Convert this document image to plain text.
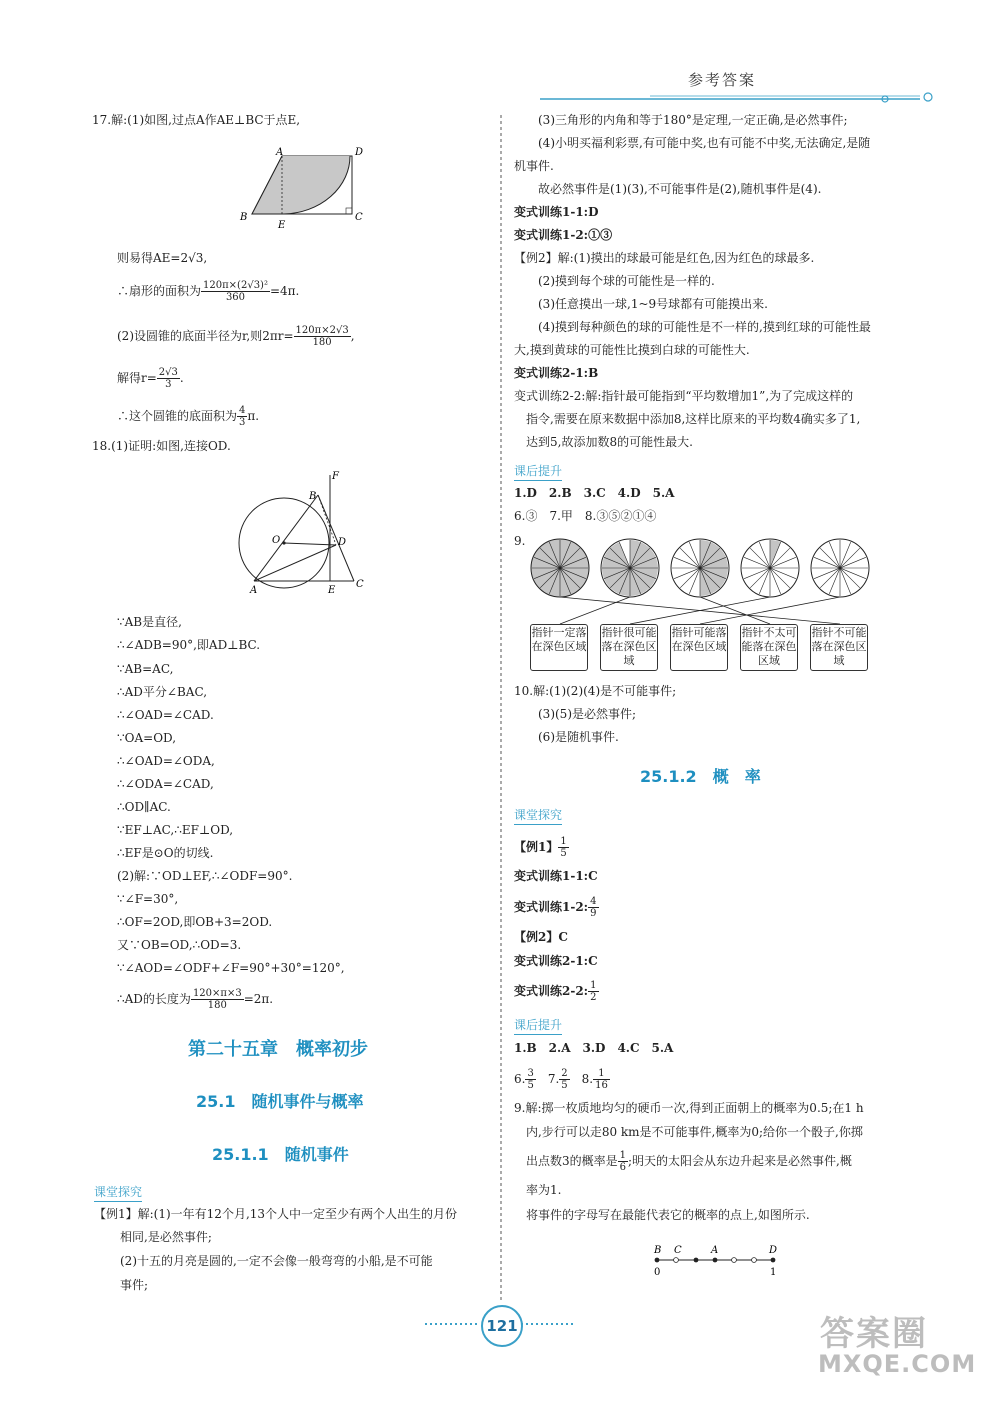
参考答案
17.解:(1)如图,过点A作AE⊥BC于点E,
A	D
B
E
C
则易得AE=2√3,
∴扇形的面积为 $\frac{\text{120π×(2√3)²}}{360} =4\pi$.
(2)设圆锥的底面半径为r,则$2\pi r= \frac{120\pi\times 2√3}{180}$ ,
解得$r= \frac{2√3}{3}$ .
∴这个圆锥的底面积为 $\frac{4}{3} \pi$.
18.(1)证明:如图,连接OD.
F
B
O	D
A	E
C
∵AB是直径,
∴∠ADB=90°,即AD⊥BC.
∵AB=AC,
∴AD平分∠BAC,
∴∠OAD=∠CAD.
∵OA=OD,
∴∠OAD=∠ODA,
∴∠ODA=∠CAD,
∴OD∥AC.
∵EF⊥AC,∴EF⊥OD,
∴EF是⊙O的切线.
(2)解:∵OD⊥EF,∴∠ODF=90°.
∵∠F=30°,
∴OF=2OD,即OB+3=2OD.
又∵OB=OD,∴OD=3.
∵∠AOD=∠ODF+∠F=90°+30°=120°,
∴AD的长度为 $\frac{120\times\pi\times 3}{180} =2\pi$.
第二十五章　概率初步
25.1　随机事件与概率
25.1.1　随机事件
课堂探究
【例1】解:(1)一年有12个月,13个人中一定至少有两个人出生的月份
相同,是必然事件;
(2)十五的月亮是圆的,一定不会像一般弯弯的小船,是不可能
事件;
(3)三角形的内角和等于180°是定理,一定正确,是必然事件;
(4)小明买福利彩票,有可能中奖,也有可能不中奖,无法确定,是随
机事件.
故必然事件是(1)(3),不可能事件是(2),随机事件是(4).
变式训练1-1:D
变式训练1-2:①③
【例2】解:(1)摸出的球最可能是红色,因为红色的球最多.
(2)摸到每个球的可能性是一样的.
(3)任意摸出一球,1~9号球都有可能摸出来.
(4)摸到每种颜色的球的可能性是不一样的,摸到红球的可能性最
大,摸到黄球的可能性比摸到白球的可能性大.
变式训练2-1:B
变式训练2-2:解:指针最可能指到“平均数增加1”,为了完成这样的
指令,需要在原来数据中添加8,这样比原来的平均数4确实多了1,
达到5,故添加数8的可能性最大.
课后提升
1.D　2.B　3.C　4.D　5.A
6.③　7.甲　8.③⑤②①④
9.
指针一定落在深色区域
指针很可能落在深色区域
指针可能落在深色区域
指针不太可能落在深色区域
指针不可能落在深色区域
10.解:(1)(2)(4)是不可能事件;
(3)(5)是必然事件;
(6)是随机事件.
25.1.2　概　率
课堂探究
【例1】 $\frac{1}{5}$
变式训练1-1:C
变式训练1-2: $\frac{4}{9}$
【例2】C
变式训练2-1:C
变式训练2-2: $\frac{1}{2}$
课后提升
1.B　2.A　3.D　4.C　5.A
6. $\frac{3}{5}$ 　7. $\frac{2}{5}$ 　8. $\frac{1}{16}$
9.解:掷一枚质地均匀的硬币一次,得到正面朝上的概率为0.5;在1 h
内,步行可以走80 km是不可能事件,概率为0;给你一个骰子,你掷
出点数3的概率是 $\frac{1}{6}$ ;明天的太阳会从东边升起来是必然事件,概
率为1.
将事件的字母写在最能代表它的概率的点上,如图所示.
B C	A	D
0	1
121	答案圈
MXQE.COM
